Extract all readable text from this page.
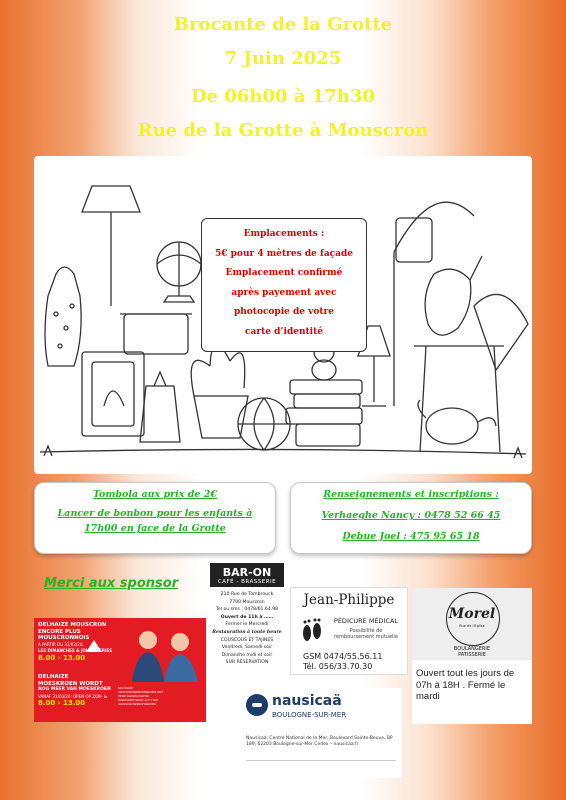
Brocante de la Grotte
7 Juin 2025
De 06h00 à 17h30
Rue de la Grotte à Mouscron
Emplacements :
5€ pour 4 mètres de façade
Emplacement confirmé
après payement avec
photocopie de votre
carte d’identité

Tombola aux prix de 2€

Lancer de bonbon pour les enfants à

17h00 en face de la Grotte

Renseignements et inscriptions :

Verhaeghe Nancy : 0478 52 66 45

Debue Joel : 475 95 65 18

Merci aux sponsor
DELHAIZE MOUSCRON
ENCORE PLUS
MOUSCRONNOIS
A PARTIR DU 31/03/24:
LES DIMANCHES & JOURS FERIES
8.00 › 13.00
DELHAIZE
MOESKROEN WORDT
NOG MEER VAN MOESKROEN
VANAF 31/03/24: OPEN OP ZON- &
8.00 › 13.00
DELHAIZE MOUSCRON/MOESKROEN RUE PERE DAMIEN PATER DAMIAANSTRAAT 4/3 7700 MOUSCRON/MOESKROEN
BAR-ON
CAFÉ - BRASSERIE
210 Rue de Tombrouck
7700 Mouscron
Tel ou sms : 0478/61.64.98
Ouvert de 11h à ……
Fermer le Mercredi
Restauration à toute heure
COUSCOUS ET TAJINES
Vendredi, Samedi soir
Dimanche midi et soir
SUR RÉSERVATION
Jean-Philippe
PÉDICURE MÉDICAL
Possibilité de
remboursement mutuelle
GSM 0474/55.56.11
Tél. 056/33.70.30
Morel
Rue de l'Eglise
BOULANGERIE
PATISSERIE
Ouvert tout les jours de 07h à 18H . Fermé le mardi
nausicaä
BOULOGNE-SUR-MER
Nausicaá, Centre National de la Mer, Boulevard Sainte-Beuve, BP 189, 62203 Boulogne-sur-Mer Cedex – nausicaa.fr
